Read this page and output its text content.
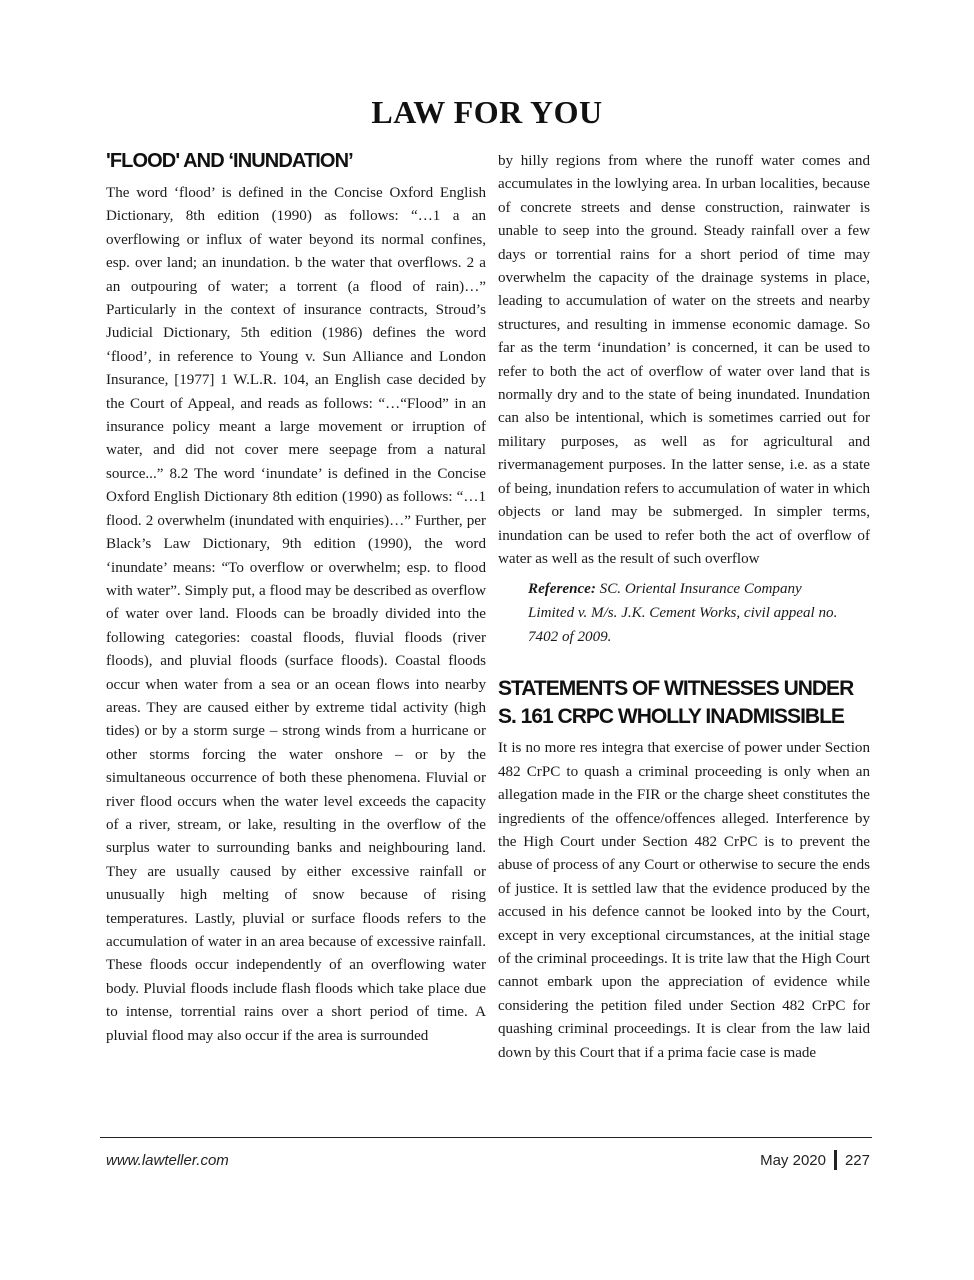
LAW FOR YOU
'FLOOD' AND ‘INUNDATION’

The word ‘flood’ is defined in the Concise Oxford English Dictionary, 8th edition (1990) as follows: “…1 a an overflowing or influx of water beyond its normal confines, esp. over land; an inundation. b the water that overflows. 2 a an outpouring of water; a torrent (a flood of rain)…” Particularly in the context of insurance contracts, Stroud’s Judicial Dictionary, 5th edition (1986) defines the word ‘flood’, in reference to Young v. Sun Alliance and London Insurance, [1977] 1 W.L.R. 104, an English case decided by the Court of Appeal, and reads as follows: “…“Flood” in an insurance policy meant a large movement or irruption of water, and did not cover mere seepage from a natural source...” 8.2 The word ‘inundate’ is defined in the Concise Oxford English Dictionary 8th edition (1990) as follows: “…1 flood. 2 overwhelm (inundated with enquiries)…” Further, per Black’s Law Dictionary, 9th edition (1990), the word ‘inundate’ means: “To overflow or overwhelm; esp. to flood with water”. Simply put, a flood may be described as overflow of water over land. Floods can be broadly divided into the following categories: coastal floods, fluvial floods (river floods), and pluvial floods (surface floods). Coastal floods occur when water from a sea or an ocean flows into nearby areas. They are caused either by extreme tidal activity (high tides) or by a storm surge – strong winds from a hurricane or other storms forcing the water onshore – or by the simultaneous occurrence of both these phenomena. Fluvial or river flood occurs when the water level exceeds the capacity of a river, stream, or lake, resulting in the overflow of the surplus water to surrounding banks and neighbouring land. They are usually caused by either excessive rainfall or unusually high melting of snow because of rising temperatures. Lastly, pluvial or surface floods refers to the accumulation of water in an area because of excessive rainfall. These floods occur independently of an overflowing water body. Pluvial floods include flash floods which take place due to intense, torrential rains over a short period of time. A pluvial flood may also occur if the area is surrounded

by hilly regions from where the runoff water comes and accumulates in the lowlying area. In urban localities, because of concrete streets and dense construction, rainwater is unable to seep into the ground. Steady rainfall over a few days or torrential rains for a short period of time may overwhelm the capacity of the drainage systems in place, leading to accumulation of water on the streets and nearby structures, and resulting in immense economic damage. So far as the term ‘inundation’ is concerned, it can be used to refer to both the act of overflow of water over land that is normally dry and to the state of being inundated. Inundation can also be intentional, which is sometimes carried out for military purposes, as well as for agricultural and rivermanagement purposes. In the latter sense, i.e. as a state of being, inundation refers to accumulation of water in which objects or land may be submerged. In simpler terms, inundation can be used to refer both the act of overflow of water as well as the result of such overflow

Reference: SC. Oriental Insurance Company Limited v. M/s. J.K. Cement Works, civil appeal no. 7402 of 2009.

STATEMENTS OF WITNESSES UNDER S. 161 CRPC WHOLLY INADMISSIBLE

It is no more res integra that exercise of power under Section 482 CrPC to quash a criminal proceeding is only when an allegation made in the FIR or the charge sheet constitutes the ingredients of the offence/offences alleged. Interference by the High Court under Section 482 CrPC is to prevent the abuse of process of any Court or otherwise to secure the ends of justice. It is settled law that the evidence produced by the accused in his defence cannot be looked into by the Court, except in very exceptional circumstances, at the initial stage of the criminal proceedings. It is trite law that the High Court cannot embark upon the appreciation of evidence while considering the petition filed under Section 482 CrPC for quashing criminal proceedings. It is clear from the law laid down by this Court that if a prima facie case is made

www.lawteller.com	May 2020 227
